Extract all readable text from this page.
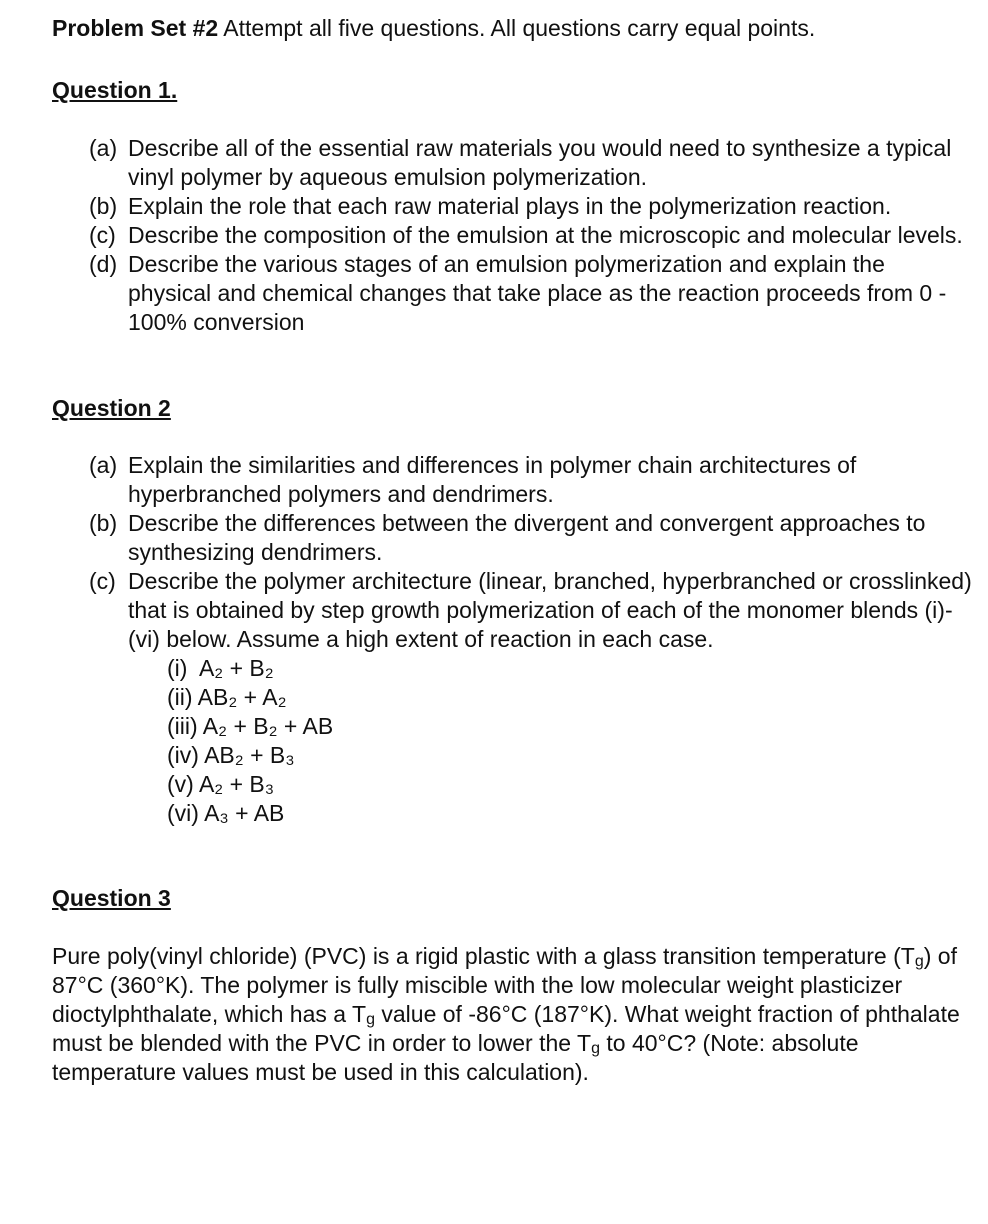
Problem Set #2 Attempt all five questions. All questions carry equal points.

Question 1.

(a) Describe all of the essential raw materials you would need to synthesize a typical vinyl polymer by aqueous emulsion polymerization.
(b) Explain the role that each raw material plays in the polymerization reaction.
(c) Describe the composition of the emulsion at the microscopic and molecular levels.
(d) Describe the various stages of an emulsion polymerization and explain the physical and chemical changes that take place as the reaction proceeds from 0 - 100% conversion

Question 2

(a) Explain the similarities and differences in polymer chain architectures of hyperbranched polymers and dendrimers.
(b) Describe the differences between the divergent and convergent approaches to synthesizing dendrimers.
(c) Describe the polymer architecture (linear, branched, hyperbranched or crosslinked) that is obtained by step growth polymerization of each of the monomer blends (i)-(vi) below. Assume a high extent of reaction in each case.
(i) A₂ + B₂
(ii) AB₂ + A₂
(iii) A₂ + B₂ + AB
(iv) AB₂ + B₃
(v) A₂ + B₃
(vi) A₃ + AB

Question 3

Pure poly(vinyl chloride) (PVC) is a rigid plastic with a glass transition temperature $(T_g)$ of 87°C (360°K). The polymer is fully miscible with the low molecular weight plasticizer dioctylphthalate, which has a $T_g$ value of -86°C (187°K). What weight fraction of phthalate must be blended with the PVC in order to lower the $T_g$ to 40°C? (Note: absolute temperature values must be used in this calculation).
